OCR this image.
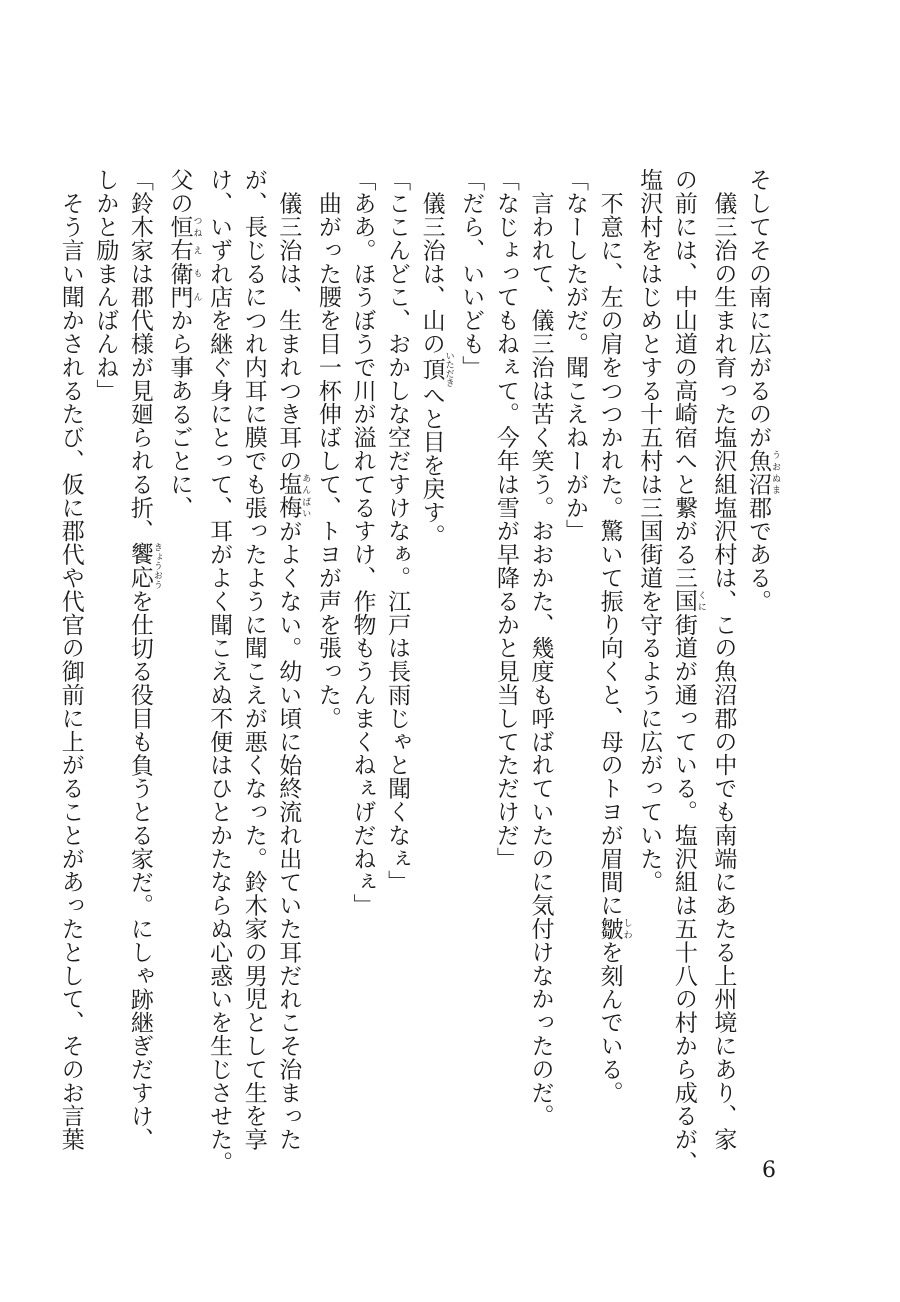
そしてその南に広がるのが魚沼 うおぬま郡である。
　儀三治の生まれ育った塩沢組塩沢村は、この魚沼郡の中でも南端にあたる上州境にあり、家
の前には、中山道の高崎宿へと繋がる三国 くに街道が通っている。塩沢組は五十八の村から成るが、
塩沢村をはじめとする十五村は三国街道を守るように広がっていた。
　不意に、左の肩をつつかれた。驚いて振り向くと、母のトヨが眉間に皺 しわを刻んでいる。
「なーしたがだ。聞こえねーがか」
　言われて、儀三治は苦く笑う。おおかた、幾度も呼ばれていたのに気付けなかったのだ。
「なじょってもねぇて。今年は雪が早降るかと見当してただけだ」
「だら、いいども」
　儀三治は、山の頂 いただきへと目を戻す。
「ここんどこ、おかしな空だすけなぁ。江戸は長雨じゃと聞くなぇ」
「ああ。ほうぼうで川が溢れてるすけ、作物もうんまくねぇげだねぇ」
　曲がった腰を目一杯伸ばして、トヨが声を張った。
　儀三治は、生まれつき耳の塩梅 あんばいがよくない。幼い頃に始終流れ出ていた耳だれこそ治まった
が、長じるにつれ内耳に膜でも張ったように聞こえが悪くなった。鈴木家の男児として生を享
け、いずれ店を継ぐ身にとって、耳がよく聞こえぬ不便はひとかたならぬ心惑いを生じさせた。
父の恒 つね右 え衛門 もんから事あるごとに、
「鈴木家は郡代様が見廻られる折、饗応 きょうおうを仕切る役目も負うとる家だ。にしゃ跡継ぎだすけ、
しかと励まんばんね」
　そう言い聞かされるたび、仮に郡代や代官の御前に上がることがあったとして、そのお言葉
6
